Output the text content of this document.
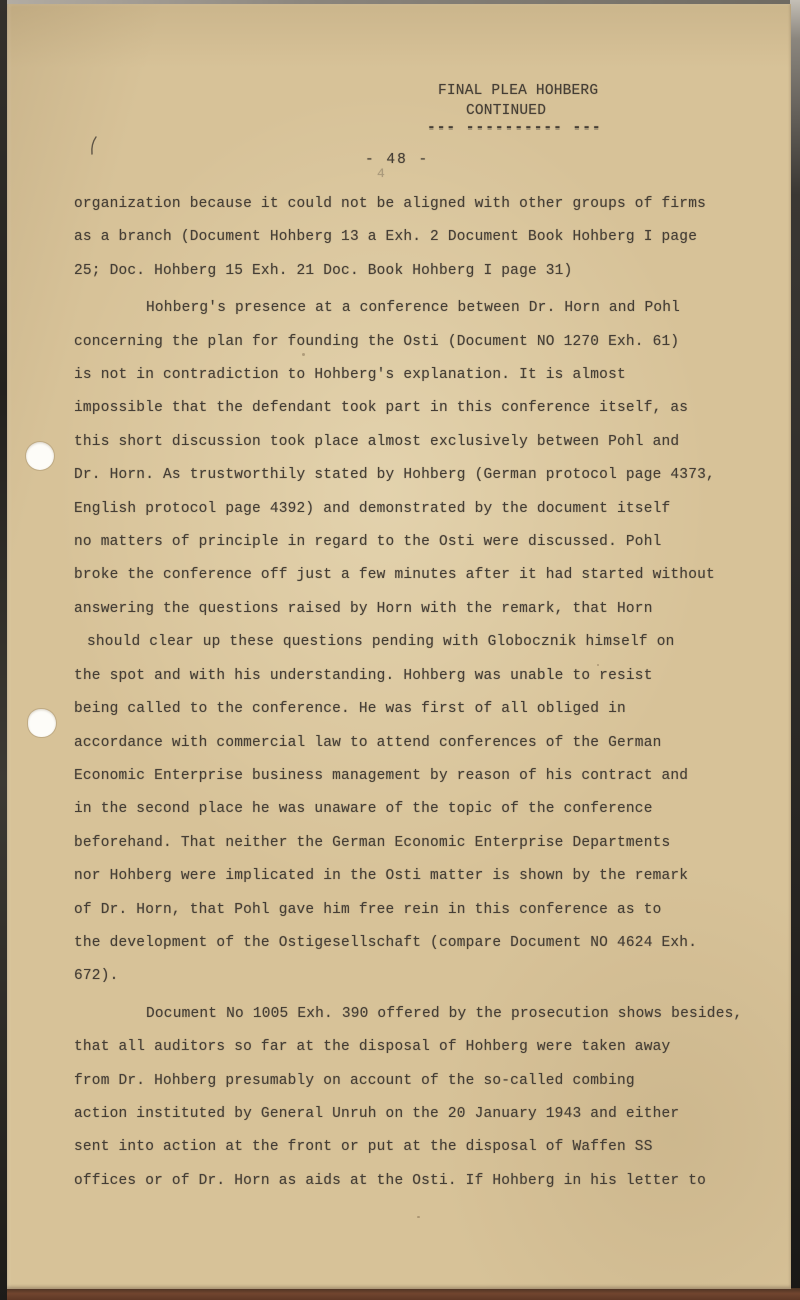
FINAL PLEA HOHBERG
CONTINUED
--- ---------- ---
- 48 -
4
organization because it could not be aligned with other groups of firms
as a branch (Document Hohberg 13 a Exh. 2 Document Book Hohberg I page
25; Doc. Hohberg 15 Exh. 21 Doc. Book Hohberg I page 31)
Hohberg's presence at a conference between Dr. Horn and Pohl
concerning the plan for founding the Osti (Document NO 1270 Exh. 61)
is not in contradiction to Hohberg's explanation. It is almost
impossible that the defendant took part in this conference itself, as
this short discussion took place almost exclusively between Pohl and
Dr. Horn. As trustworthily stated by Hohberg (German protocol page 4373,
English protocol page 4392) and demonstrated by the document itself
no matters of principle in regard to the Osti were discussed. Pohl
broke the conference off just a few minutes after it had started without
answering the questions raised by Horn with the remark, that Horn
should clear up these questions pending with Globocznik himself on
the spot and with his understanding. Hohberg was unable to resist
being called to the conference. He was first of all obliged in
accordance with commercial law to attend conferences of the German
Economic Enterprise business management by reason of his contract and
in the second place he was unaware of the topic of the conference
beforehand. That neither the German Economic Enterprise Departments
nor Hohberg were implicated in the Osti matter is shown by the remark
of Dr. Horn, that Pohl gave him free rein in this conference as to
the development of the Ostigesellschaft (compare Document NO 4624 Exh.
672).
Document No 1005 Exh. 390 offered by the prosecution shows besides,
that all auditors so far at the disposal of Hohberg were taken away
from Dr. Hohberg presumably on account of the so-called combing
action instituted by General Unruh on the 20 January 1943 and either
sent into action at the front or put at the disposal of Waffen SS
offices or of Dr. Horn as aids at the Osti. If Hohberg in his letter to
